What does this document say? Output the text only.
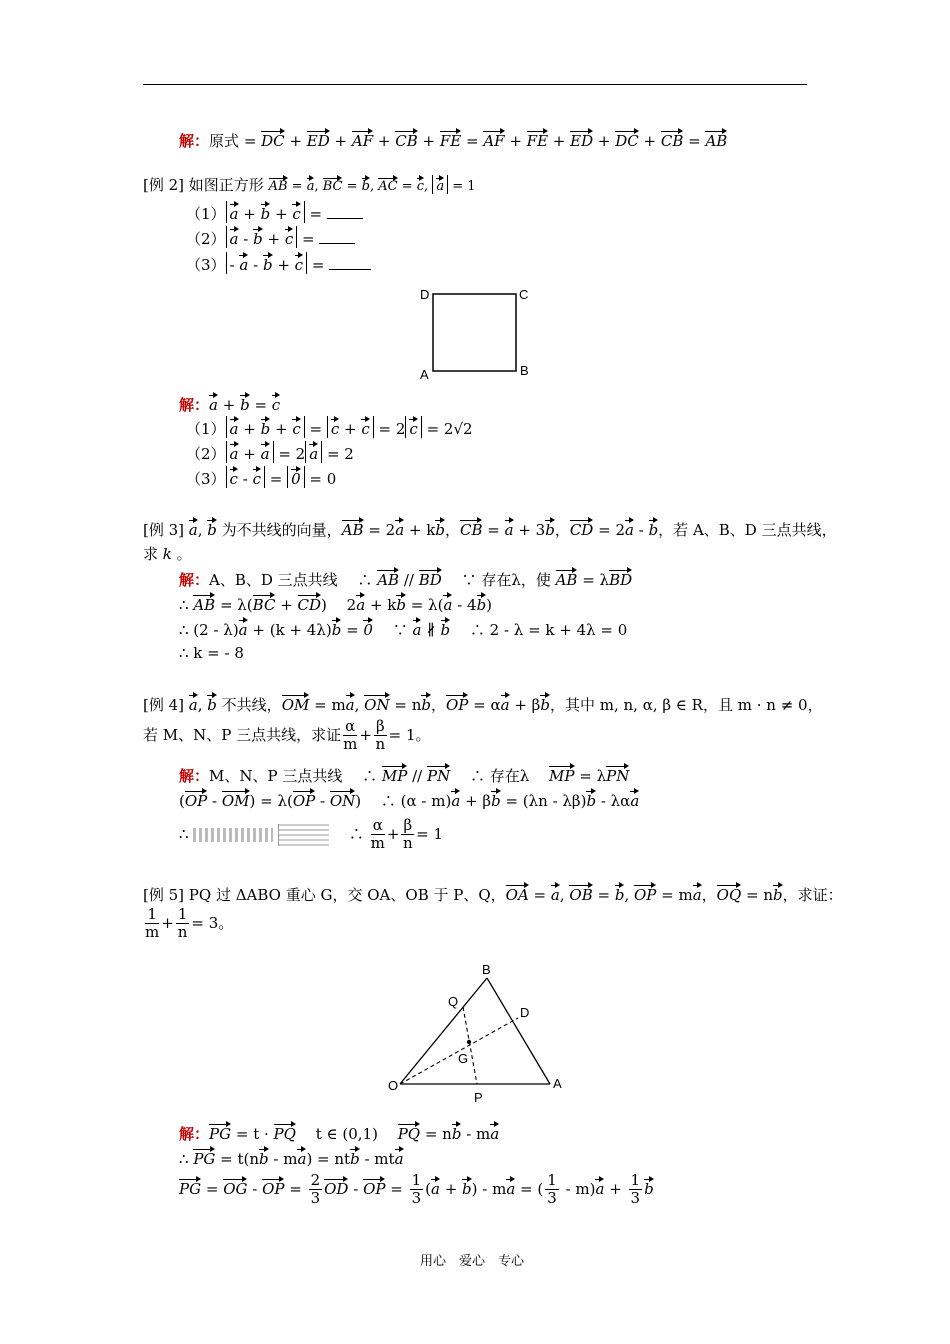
解：原式 = DC + ED + AF + CB + FE = AF + FE + ED + DC + CB = AB
[例 2] 如图正方形 AB = a, BC = b, AC = c, a = 1
（1） a + b + c =
（2） a - b + c =
（3） - a - b + c =
D	C
A	B
解：a + b = c
（1） a + b + c = c + c = 2 c = 2√2
（2） a + a = 2 a = 2
（3） c - c = 0 = 0
[例 3] a, b 为不共线的向量，AB = 2a + kb，CB = a + 3b，CD = 2a - b，若 A、B、D 三点共线，
求 k 。
解：A、B、D 三点共线　 ∴ AB // BD　 ∵ 存在λ，使 AB = λBD
∴ AB = λ(BC + CD)　 2a + kb = λ(a - 4b)
∴ (2 - λ)a + (k + 4λ)b = 0　 ∵ a ∦ b　 ∴ 2 - λ = k + 4λ = 0
∴ k = - 8
[例 4] a, b 不共线，OM = ma, ON = nb，OP = αa + βb，其中 m, n, α, β ∈ R，且 m · n ≠ 0，
若 M、N、P 三点共线，求证 $\frac{\alpha}{m} + \frac{\beta}{n} = 1$。
解：M、N、P 三点共线　 ∴ MP // PN　 ∴ 存在λ　 MP = λPN
(OP - OM) = λ(OP - ON)　 ∴ (α - m)a + βb = (λn - λβ)b - λαa
∴	　 ∴ $\frac{\alpha}{m} + \frac{\beta}{n} = 1$
[例 5] PQ 过 ΔABO 重心 G，交 OA、OB 于 P、Q，OA = a, OB = b, OP = ma，OQ = nb，求证：
$\frac{1}{m} + \frac{1}{n} = 3$。
O	A
B
Q
D
G
P
解：PG = t · PQ　 t ∈ (0,1)　 PQ = nb - ma
∴ PG = t(nb - ma) = ntb - mta
PG = OG - OP = $\frac{2}{3}$ OD - OP = $\frac{1}{3} (a + b)$ - ma = ( $\frac{1}{3} - m)a + \frac{1}{3}$ b
用心　爱心　专心
